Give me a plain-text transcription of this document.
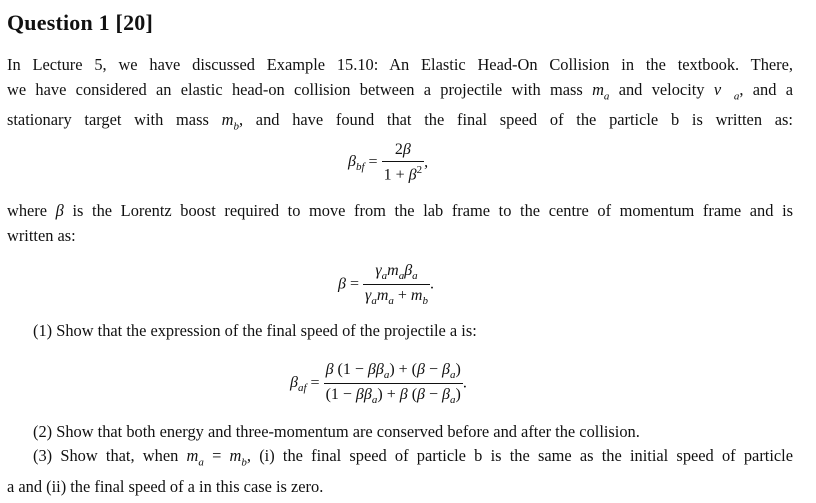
Question 1 [20]
In Lecture 5, we have discussed Example 15.10: An Elastic Head-On Collision in the textbook. There,
we have considered an elastic head-on collision between a projectile with mass $m_a$ and velocity $v⃗_a$, and a
stationary target with mass $m_b$, and have found that the final speed of the particle b is written as:
$\beta_{bf} = \frac{2\beta}{1 + \beta^2}$ ,
where β is the Lorentz boost required to move from the lab frame to the centre of momentum frame and is
written as:
$\beta = \frac{\gamma_am_a\beta_a}{\gamma_am_a + m_b}$ .
(1) Show that the expression of the final speed of the projectile a is:
$\beta_{af} = \frac{\beta (1 - \beta\beta_a) + (\beta - \beta_a)}{(1 - \beta\beta_a) + \beta (\beta - \beta_a)}$ .
(2) Show that both energy and three-momentum are conserved before and after the collision.
(3) Show that, when $m_a = m_b$, (i) the final speed of particle b is the same as the initial speed of particle
a and (ii) the final speed of a in this case is zero.
